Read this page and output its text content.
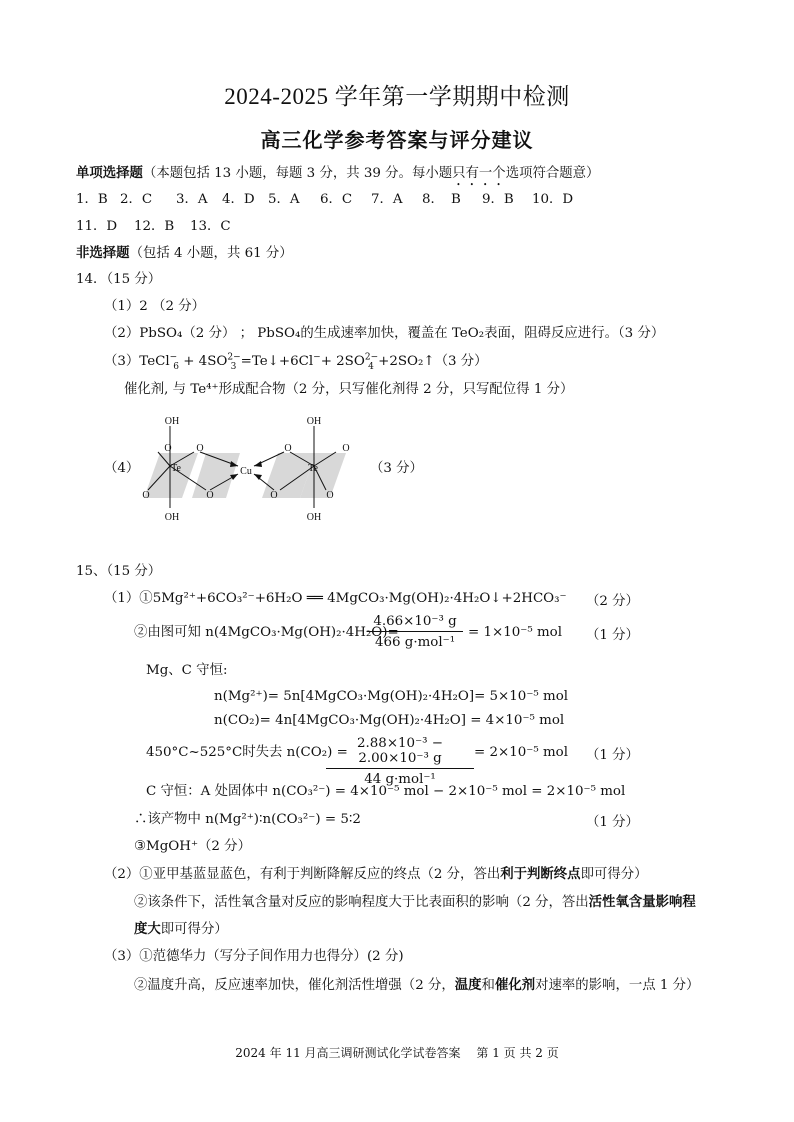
2024-2025 学年第一学期期中检测
高三化学参考答案与评分建议
单项选择题（本题包括 13 小题，每题 3 分，共 39 分。每小题只有一个选项符合题意）
1．B 2．C 3．A 4．D 5．A 6．C 7．A 8． B 9．B 10．D
11．D 12．B 13．C
非选择题（包括 4 小题，共 61 分）
14．（15 分）
（1）2 （2 分）
（2）PbSO₄（2 分） ； PbSO₄的生成速率加快，覆盖在 TeO₂表面，阻碍反应进行。（3 分）
（3）TeCl−$_6$ + $4SO^{2-}_3$ =Te↓+6Cl−+ $2SO^{2-}_4$ +2SO₂↑（3 分）
催化剂, 与 Te⁴⁺形成配合物（2 分，只写催化剂得 2 分，只写配位得 1 分）
（4）	（3 分）
OH
O O
O	O
Te	Cu	Te
O	O
O	O
OH
OH	OH
15、（15 分）
（1）①5Mg²⁺+6CO₃²⁻+6H₂O ══ 4MgCO₃·Mg(OH)₂·4H₂O↓+2HCO₃⁻ （2 分）
②由图可知 n(4MgCO₃·Mg(OH)₂·4H₂O)=
4.66×10⁻³ g
466 g·mol⁻¹
= 1×10⁻⁵ mol （1 分）
Mg、C 守恒:
n(Mg²⁺)= 5n[4MgCO₃·Mg(OH)₂·4H₂O]= 5×10⁻⁵ mol
n(CO₂)= 4n[4MgCO₃·Mg(OH)₂·4H₂O] = 4×10⁻⁵ mol
450°C~525°C时失去 n(CO₂) =
2.88×10⁻³ − 2.00×10⁻³ g
44 g·mol⁻¹
= 2×10⁻⁵ mol （1 分）
C 守恒：A 处固体中 n(CO₃²⁻) = 4×10⁻⁵ mol − 2×10⁻⁵ mol = 2×10⁻⁵ mol
∴该产物中 n(Mg²⁺)∶n(CO₃²⁻) = 5∶2	（1 分）
③MgOH⁺（2 分）
（2）①亚甲基蓝显蓝色，有利于判断降解反应的终点（2 分，答出利于判断终点即可得分）
②该条件下，活性氧含量对反应的影响程度大于比表面积的影响（2 分，答出活性氧含量影响程
度大即可得分）
（3）①范德华力（写分子间作用力也得分）(2 分)
②温度升高，反应速率加快，催化剂活性增强（2 分，温度和催化剂对速率的影响，一点 1 分）
2024 年 11 月高三调研测试化学试卷答案 第 1 页 共 2 页
